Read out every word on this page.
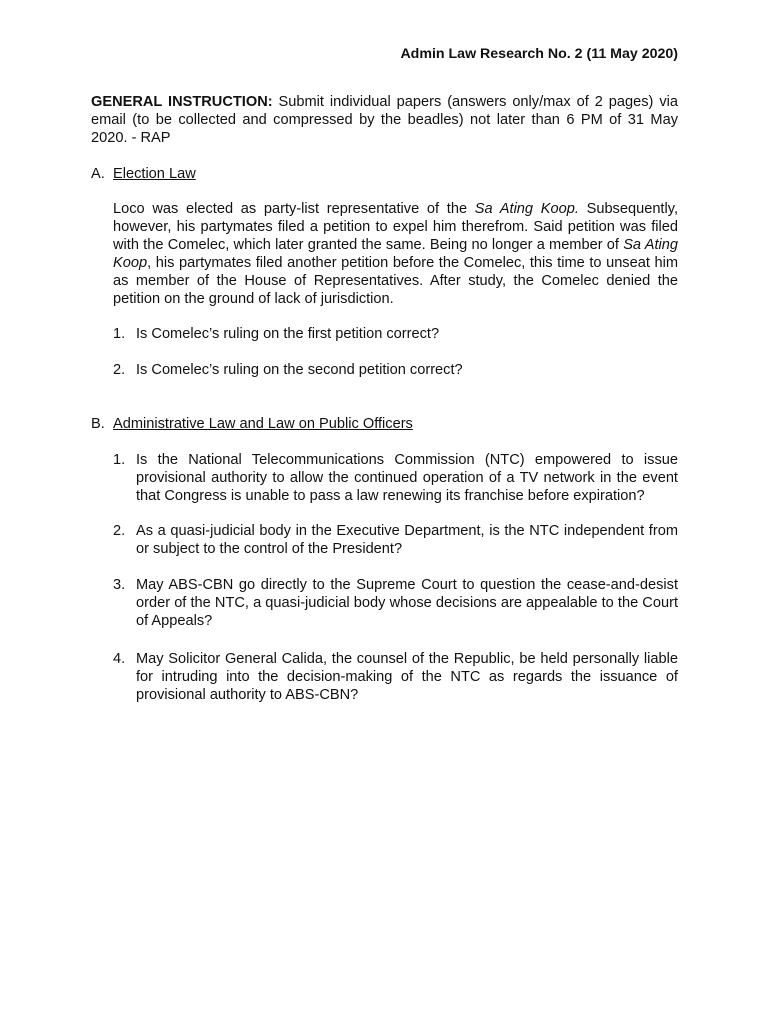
Admin Law Research No. 2 (11 May 2020)
GENERAL INSTRUCTION: Submit individual papers (answers only/max of 2 pages) via email (to be collected and compressed by the beadles) not later than 6 PM of 31 May 2020. - RAP
A. Election Law
Loco was elected as party-list representative of the Sa Ating Koop. Subsequently, however, his partymates filed a petition to expel him therefrom. Said petition was filed with the Comelec, which later granted the same. Being no longer a member of Sa Ating Koop, his partymates filed another petition before the Comelec, this time to unseat him as member of the House of Representatives. After study, the Comelec denied the petition on the ground of lack of jurisdiction.
1. Is Comelec’s ruling on the first petition correct?
2. Is Comelec’s ruling on the second petition correct?
B. Administrative Law and Law on Public Officers
1. Is the National Telecommunications Commission (NTC) empowered to issue provisional authority to allow the continued operation of a TV network in the event that Congress is unable to pass a law renewing its franchise before expiration?
2. As a quasi-judicial body in the Executive Department, is the NTC independent from or subject to the control of the President?
3. May ABS-CBN go directly to the Supreme Court to question the cease-and-desist order of the NTC, a quasi-judicial body whose decisions are appealable to the Court of Appeals?
4. May Solicitor General Calida, the counsel of the Republic, be held personally liable for intruding into the decision-making of the NTC as regards the issuance of provisional authority to ABS-CBN?
